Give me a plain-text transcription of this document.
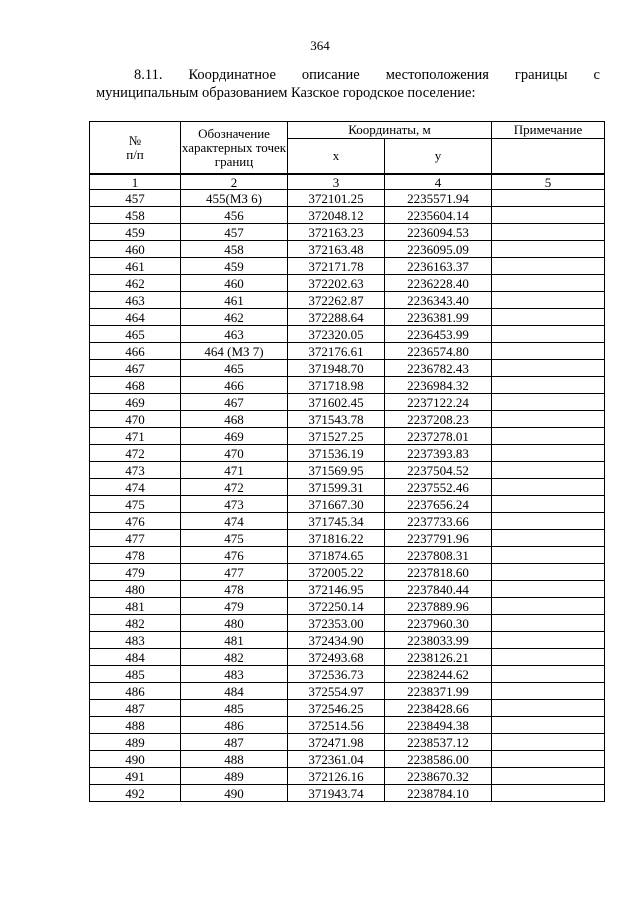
364
8.11. Координатное описание местоположения границы с
муниципальным образованием Казское городское поселение:
№
п/п	Обозначение характерных точек границ	Координаты, м		Примечание
		x	y	
1	2	3	4	5
457	455(МЗ 6)	372101.25	2235571.94	
458	456	372048.12	2235604.14	
459	457	372163.23	2236094.53	
460	458	372163.48	2236095.09	
461	459	372171.78	2236163.37	
462	460	372202.63	2236228.40	
463	461	372262.87	2236343.40	
464	462	372288.64	2236381.99	
465	463	372320.05	2236453.99	
466	464 (МЗ 7)	372176.61	2236574.80	
467	465	371948.70	2236782.43	
468	466	371718.98	2236984.32	
469	467	371602.45	2237122.24	
470	468	371543.78	2237208.23	
471	469	371527.25	2237278.01	
472	470	371536.19	2237393.83	
473	471	371569.95	2237504.52	
474	472	371599.31	2237552.46	
475	473	371667.30	2237656.24	
476	474	371745.34	2237733.66	
477	475	371816.22	2237791.96	
478	476	371874.65	2237808.31	
479	477	372005.22	2237818.60	
480	478	372146.95	2237840.44	
481	479	372250.14	2237889.96	
482	480	372353.00	2237960.30	
483	481	372434.90	2238033.99	
484	482	372493.68	2238126.21	
485	483	372536.73	2238244.62	
486	484	372554.97	2238371.99	
487	485	372546.25	2238428.66	
488	486	372514.56	2238494.38	
489	487	372471.98	2238537.12	
490	488	372361.04	2238586.00	
491	489	372126.16	2238670.32	
492	490	371943.74	2238784.10	
